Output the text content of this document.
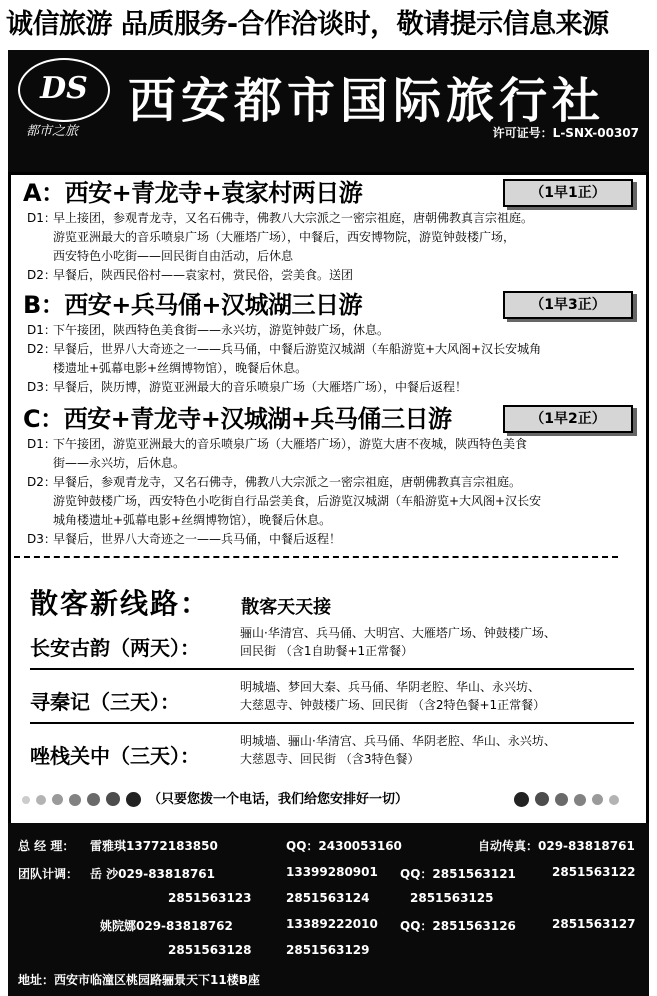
诚信旅游 品质服务-合作洽谈时，敬请提示信息来源
DS
都市之旅
西安都市国际旅行社
许可证号：L-SNX-00307
A：西安+青龙寺+袁家村两日游	（1早1正）
D1：
早上接团，参观青龙寺，又名石佛寺，佛教八大宗派之一密宗祖庭，唐朝佛教真言宗祖庭。
游览亚洲最大的音乐喷泉广场（大雁塔广场），中餐后，西安博物院，游览钟鼓楼广场，
西安特色小吃街——回民街自由活动，后休息
D2：
早餐后，陕西民俗村——袁家村，赏民俗，尝美食。送团
B：西安+兵马俑+汉城湖三日游	（1早3正）
D1：
下午接团，陕西特色美食街——永兴坊，游览钟鼓广场，休息。
D2：
早餐后，世界八大奇迹之一——兵马俑，中餐后游览汉城湖（车船游览+大风阁+汉长安城角
楼遗址+弧幕电影+丝绸博物馆），晚餐后休息。
D3：
早餐后，陕历博，游览亚洲最大的音乐喷泉广场（大雁塔广场），中餐后返程！
C：西安+青龙寺+汉城湖+兵马俑三日游	（1早2正）
D1：
下午接团，游览亚洲最大的音乐喷泉广场（大雁塔广场），游览大唐不夜城，陕西特色美食
街——永兴坊，后休息。
D2：
早餐后，参观青龙寺，又名石佛寺，佛教八大宗派之一密宗祖庭，唐朝佛教真言宗祖庭。
游览钟鼓楼广场，西安特色小吃街自行品尝美食，后游览汉城湖（车船游览+大风阁+汉长安
城角楼遗址+弧幕电影+丝绸博物馆），晚餐后休息。
D3：
早餐后，世界八大奇迹之一——兵马俑，中餐后返程！
散客新线路： 散客天天接
长安古韵（两天）：
骊山·华清宫、兵马俑、大明宫、大雁塔广场、钟鼓楼广场、
回民街 （含1自助餐+1正常餐）
寻秦记（三天）：
明城墙、梦回大秦、兵马俑、华阴老腔、华山、永兴坊、
大慈恩寺、钟鼓楼广场、回民街 （含2特色餐+1正常餐）
唑栈关中（三天）：
明城墙、骊山·华清宫、兵马俑、华阴老腔、华山、永兴坊、
大慈恩寺、回民街 （含3特色餐）
（只要您拨一个电话，我们给您安排好一切）
总 经 理： 雷雅琪13772183850	QQ：2430053160	自动传真：029-83818761
团队计调： 岳 沙029-83818761	13399280901 QQ：2851563121	2851563122
2851563123	2851563124	2851563125
姚院娜029-83818762	13389222010 QQ：2851563126	2851563127
2851563128	2851563129
地址：西安市临潼区桃园路骊景天下11楼B座
